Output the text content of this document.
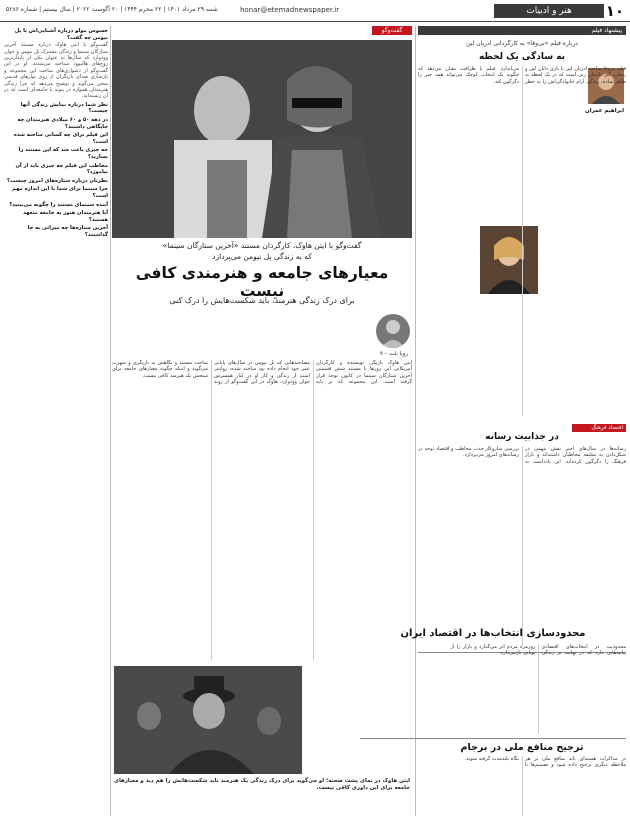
۱۰
هنر و ادبیات
honar@etemadnewspaper.ir
شنبه ۲۹ مرداد ۱۴۰۱ | ۲۲ محرم ۱۴۴۴ | ۲۰ آگوست ۲۰۲۲ | سال بیستم | شماره ۵۲۸۶
خسوس مولو درباره آشنایی‌اش با پل نیومن چه گفت؟
گفت‌وگو با ایتن هاوک درباره مستند آخرین ستارگان سینما و زندگی مشترک پل نیومن و جوان وودوارد که سال‌ها به عنوان یکی از پایدارترین زوج‌های هالیوود شناخته می‌شدند. او در این گفت‌وگو از دشواری‌های ساخت این مجموعه و بازسازی صدای بازیگران از روی نوارهای قدیمی سخن می‌گوید و توضیح می‌دهد که چرا زندگی هنرمندان همواره در پیوند با جامعه‌ای است که در آن زیسته‌اند.
نظر شما درباره نمایش زندگی آنها چیست؟
در دهه ۵۰ و ۶۰ میلادی هنرمندان چه جایگاهی داشتند؟
این فیلم برای چه کسانی ساخته شده است؟
چه چیزی باعث شد که این مستند را بسازید؟
مخاطب این فیلم چه چیزی باید از آن بیاموزد؟
نظرتان درباره ستاره‌های امروز چیست؟
چرا سینما برای شما تا این اندازه مهم است؟
آینده سینمای مستند را چگونه می‌بینید؟
آیا هنرمندان هنوز به جامعه متعهد هستند؟
آخرین ستاره‌ها چه میراثی به جا گذاشتند؟
گفت‌وگو
گفت‌وگو با ایتن هاوک، کارگردان مستند «آخرین ستارگان سینما»
که به زندگی پل نیومن می‌پردازد
معیارهای جامعه و هنرمندی کافی نیست
برای درک زندگی هنرمند، باید شکست‌هایش را درک کنی
رویا بلت – ۹
ایتن هاوک بازیگر، نویسنده و کارگردان آمریکایی این روزها با مستند شش قسمتی آخرین ستارگان سینما در کانون توجه قرار گرفته است. این مجموعه که بر پایه مصاحبه‌هایی که پل نیومن در سال‌های پایانی عمر خود انجام داده بود ساخته شده، روایتی است از زندگی و کار او در کنار همسرش جوان وودوارد. هاوک در این گفت‌وگو از روند ساخت مستند و نگاهش به بازیگری و شهرت می‌گوید و اینکه چگونه معیارهای جامعه برای سنجش یک هنرمند کافی نیست.
ایتن هاوک در نمای پشت صحنه؛ او می‌گوید برای درک زندگی یک هنرمند باید شکست‌هایش را هم دید و معیارهای جامعه برای این داوری کافی نیست.
پیشنهاد فیلم
درباره فیلم «بی‌وفا» به کارگردانی ادریان لین
به سادگی یک لحظه
ابراهیم عمران
فیلم بی‌وفا ساخته ادریان لین با بازی دایان لین و ریچارد گیر داستان زنی است که در یک لحظه به ظاهر ساده، زندگی آرام خانوادگی‌اش را به خطر می‌اندازد. فیلم با ظرافت نشان می‌دهد که چگونه یک انتخاب کوچک می‌تواند همه چیز را دگرگون کند.
اقتصاد فرهنگ
در جذابیت رسانه
رسانه‌ها در سال‌های اخیر نقش مهمی در شکل‌دادن به سلیقه مخاطبان داشته‌اند و بازار فرهنگ را دگرگون کرده‌اند. این یادداشت به بررسی سازوکار جذب مخاطب و اقتصاد توجه در رسانه‌های امروز می‌پردازد.
محدودسازی انتخاب‌ها در اقتصاد ایران
محدودیت در انتخاب‌های اقتصادی پیامدهایی دارد که در نهایت بر زندگی روزمره مردم اثر می‌گذارد و بازار را از پویایی بازمی‌دارد.
ترجیح منافع ملی در برجام
در مذاکرات هسته‌ای باید منافع ملی بر هر ملاحظه دیگری ترجیح داده شود و تصمیم‌ها با نگاه بلندمدت گرفته شوند.
